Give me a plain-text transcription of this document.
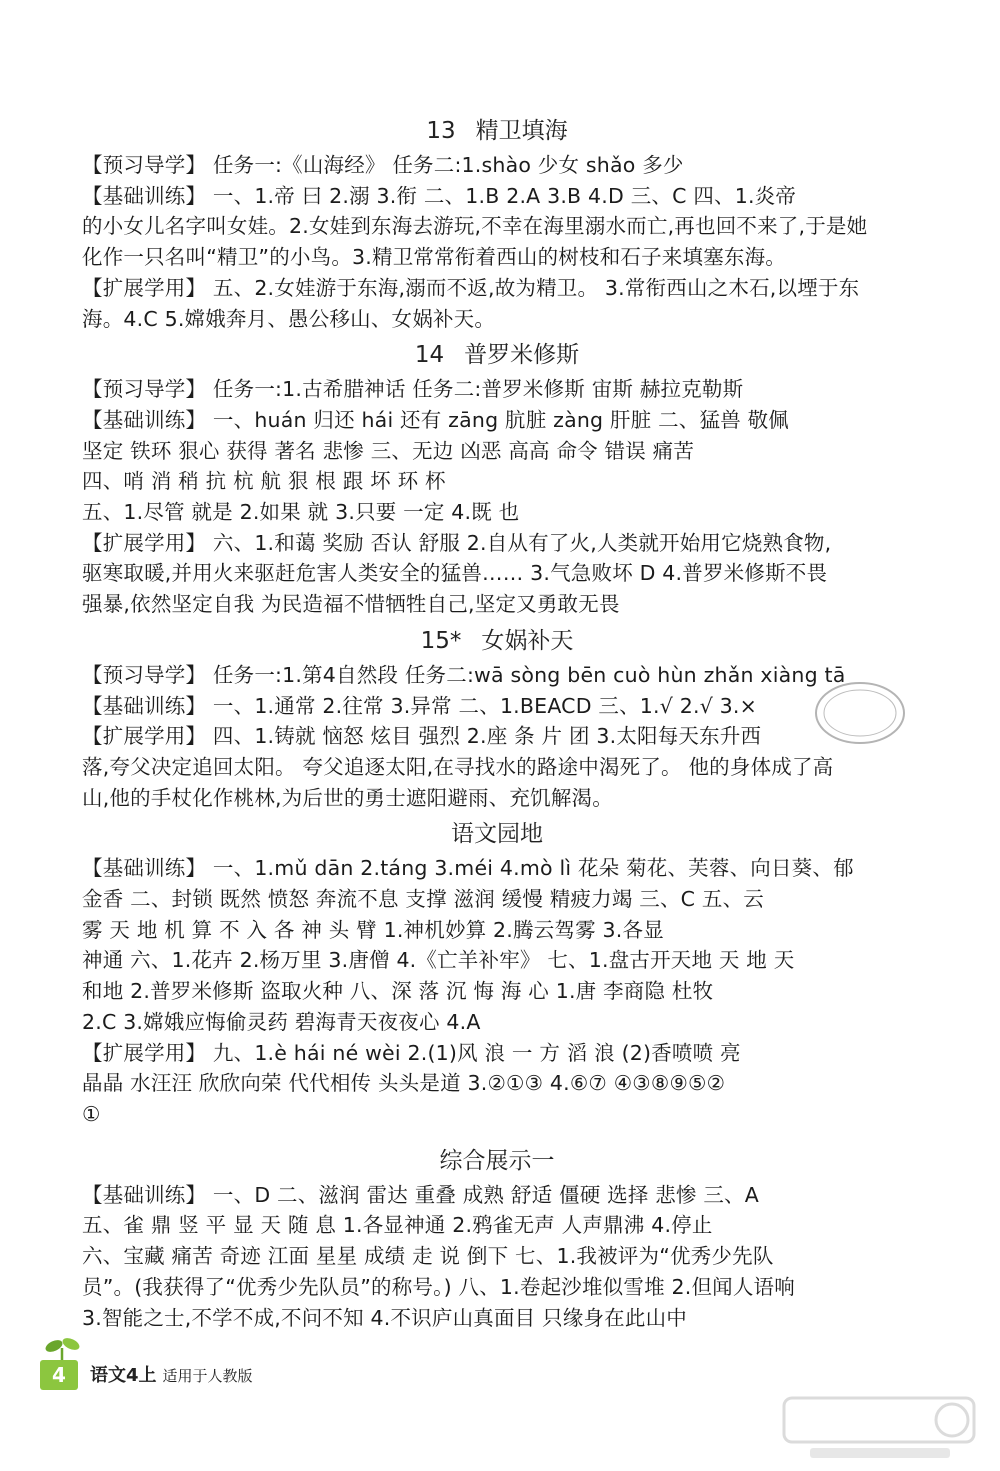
13 精卫填海
【预习导学】 任务一:《山海经》 任务二:1.shào 少女 shǎo 多少
【基础训练】 一、1.帝 曰 2.溺 3.衔 二、1.B 2.A 3.B 4.D 三、C 四、1.炎帝
的小女儿名字叫女娃。2.女娃到东海去游玩,不幸在海里溺水而亡,再也回不来了,于是她
化作一只名叫“精卫”的小鸟。3.精卫常常衔着西山的树枝和石子来填塞东海。
【扩展学用】 五、2.女娃游于东海,溺而不返,故为精卫。 3.常衔西山之木石,以堙于东
海。4.C 5.嫦娥奔月、愚公移山、女娲补天。
14 普罗米修斯
【预习导学】 任务一:1.古希腊神话 任务二:普罗米修斯 宙斯 赫拉克勒斯
【基础训练】 一、huán 归还 hái 还有 zāng 肮脏 zàng 肝脏 二、猛兽 敬佩
坚定 铁环 狠心 获得 著名 悲惨 三、无边 凶恶 高高 命令 错误 痛苦
四、哨 消 稍 抗 杭 航 狠 根 跟 坏 环 杯
五、1.尽管 就是 2.如果 就 3.只要 一定 4.既 也
【扩展学用】 六、1.和蔼 奖励 否认 舒服 2.自从有了火,人类就开始用它烧熟食物,
驱寒取暖,并用火来驱赶危害人类安全的猛兽…… 3.气急败坏 D 4.普罗米修斯不畏
强暴,依然坚定自我 为民造福不惜牺牲自己,坚定又勇敢无畏
15* 女娲补天
【预习导学】 任务一:1.第4自然段 任务二:wā sòng bēn cuò hùn zhǎn xiàng tā
【基础训练】 一、1.通常 2.往常 3.异常 二、1.BEACD 三、1.√ 2.√ 3.×
【扩展学用】 四、1.铸就 恼怒 炫目 强烈 2.座 条 片 团 3.太阳每天东升西
落,夸父决定追回太阳。 夸父追逐太阳,在寻找水的路途中渴死了。 他的身体成了高
山,他的手杖化作桃林,为后世的勇士遮阳避雨、充饥解渴。
语文园地
【基础训练】 一、1.mǔ dān 2.táng 3.méi 4.mò lì 花朵 菊花、芙蓉、向日葵、郁
金香 二、封锁 既然 愤怒 奔流不息 支撑 滋润 缓慢 精疲力竭 三、C 五、云
雾 天 地 机 算 不 入 各 神 头 臂 1.神机妙算 2.腾云驾雾 3.各显
神通 六、1.花卉 2.杨万里 3.唐僧 4.《亡羊补牢》 七、1.盘古开天地 天 地 天
和地 2.普罗米修斯 盗取火种 八、深 落 沉 悔 海 心 1.唐 李商隐 杜牧
2.C 3.嫦娥应悔偷灵药 碧海青天夜夜心 4.A
【扩展学用】 九、1.è hái né wèi 2.(1)风 浪 一 方 滔 浪 (2)香喷喷 亮
晶晶 水汪汪 欣欣向荣 代代相传 头头是道 3.②①③ 4.⑥⑦ ④③⑧⑨⑤②
①
综合展示一
【基础训练】 一、D 二、滋润 雷达 重叠 成熟 舒适 僵硬 选择 悲惨 三、A
五、雀 鼎 竖 平 显 天 随 息 1.各显神通 2.鸦雀无声 人声鼎沸 4.停止
六、宝藏 痛苦 奇迹 江面 星星 成绩 走 说 倒下 七、1.我被评为“优秀少先队
员”。(我获得了“优秀少先队员”的称号。) 八、1.卷起沙堆似雪堆 2.但闻人语响
3.智能之士,不学不成,不问不知 4.不识庐山真面目 只缘身在此山中
4	语文4上 适用于人教版
